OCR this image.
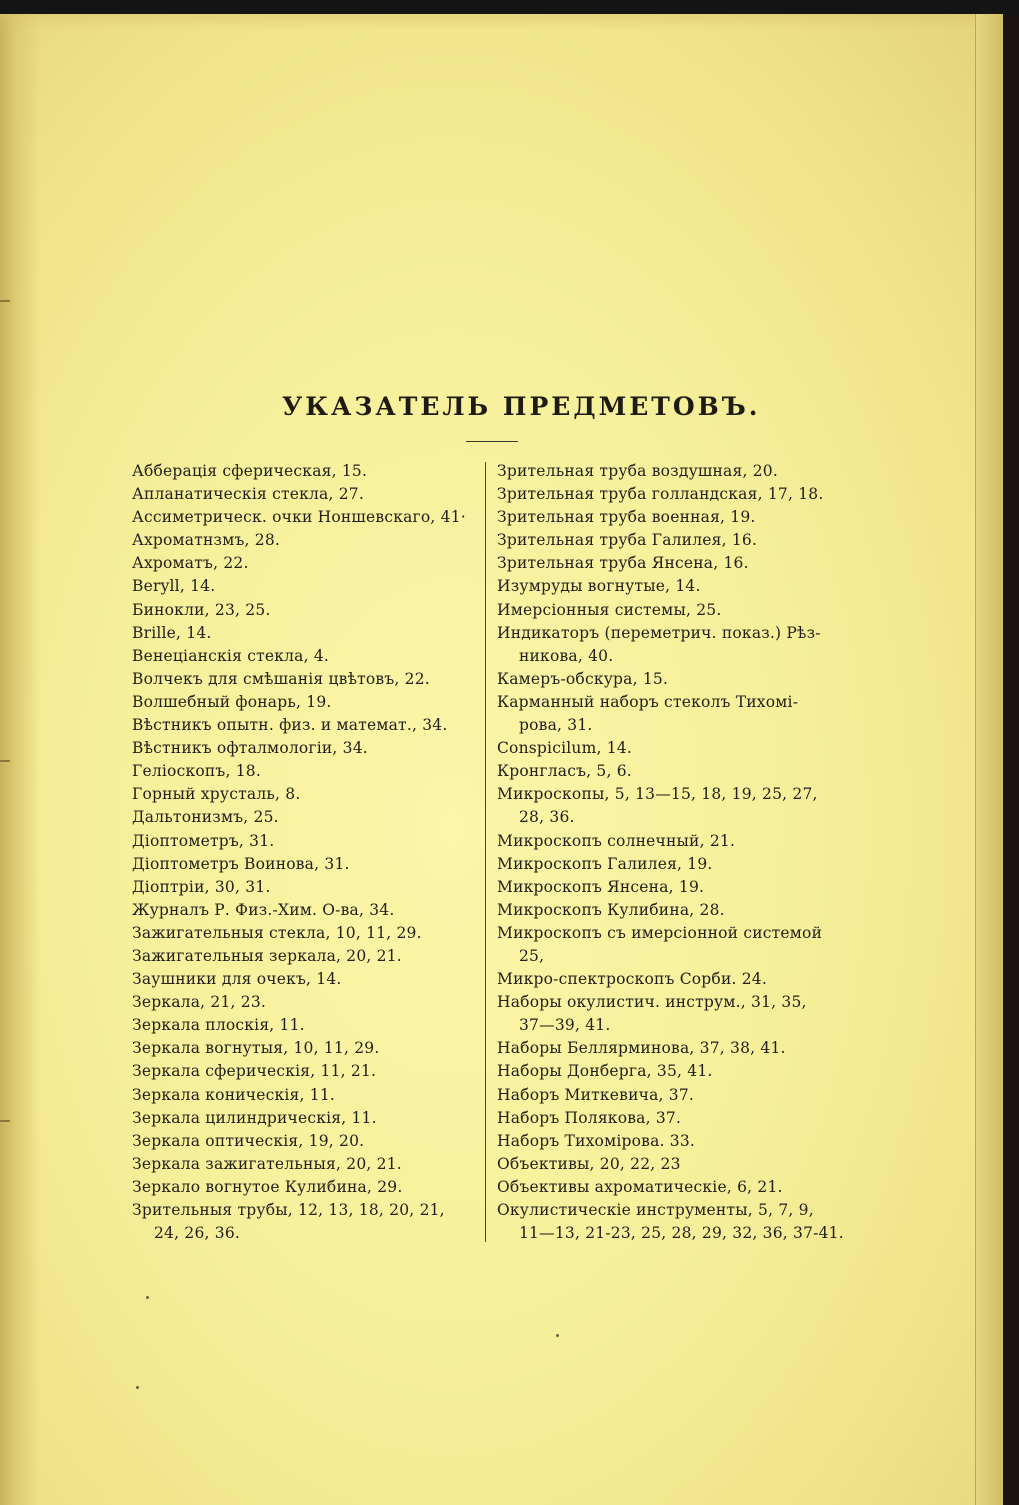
УКАЗАТЕЛЬ ПРЕДМЕТОВЪ.
Абберація сферическая, 15.
Апланатическія стекла, 27.
Ассиметрическ. очки Ноншевскаго, 41·
Ахроматнзмъ, 28.
Ахроматъ, 22.
Beryll, 14.
Бинокли, 23, 25.
Brille, 14.
Венеціанскія стекла, 4.
Волчекъ для смѣшанія цвѣтовъ, 22.
Волшебный фонарь, 19.
Вѣстникъ опытн. физ. и математ., 34.
Вѣстникъ офталмологіи, 34.
Геліоскопъ, 18.
Горный хрусталь, 8.
Дальтонизмъ, 25.
Діоптометръ, 31.
Діоптометръ Воинова, 31.
Діоптріи, 30, 31.
Журналъ Р. Физ.-Хим. О-ва, 34.
Зажигательныя стекла, 10, 11, 29.
Зажигательныя зеркала, 20, 21.
Заушники для очекъ, 14.
Зеркала, 21, 23.
Зеркала плоскія, 11.
Зеркала вогнутыя, 10, 11, 29.
Зеркала сферическія, 11, 21.
Зеркала коническія, 11.
Зеркала цилиндрическія, 11.
Зеркала оптическія, 19, 20.
Зеркала зажигательныя, 20, 21.
Зеркало вогнутое Кулибина, 29.
Зрительныя трубы, 12, 13, 18, 20, 21,
24, 26, 36.
Зрительная труба воздушная, 20.
Зрительная труба голландская, 17, 18.
Зрительная труба военная, 19.
Зрительная труба Галилея, 16.
Зрительная труба Янсена, 16.
Изумруды вогнутые, 14.
Имерсіонныя системы, 25.
Индикаторъ (переметрич. показ.) Рѣз-
никова, 40.
Камеръ-обскура, 15.
Карманный наборъ стеколъ Тихомі-
рова, 31.
Conspicilum, 14.
Кронгласъ, 5, 6.
Микроскопы, 5, 13—15, 18, 19, 25, 27,
28, 36.
Микроскопъ солнечный, 21.
Микроскопъ Галилея, 19.
Микроскопъ Янсена, 19.
Микроскопъ Кулибина, 28.
Микроскопъ съ имерсіонной системой
25,
Микро-спектроскопъ Сорби. 24.
Наборы окулистич. инструм., 31, 35,
37—39, 41.
Наборы Беллярминова, 37, 38, 41.
Наборы Донберга, 35, 41.
Наборъ Миткевича, 37.
Наборъ Полякова, 37.
Наборъ Тихомірова. 33.
Объективы, 20, 22, 23
Объективы ахроматическіе, 6, 21.
Окулистическіе инструменты, 5, 7, 9,
11—13, 21-23, 25, 28, 29, 32, 36, 37-41.
